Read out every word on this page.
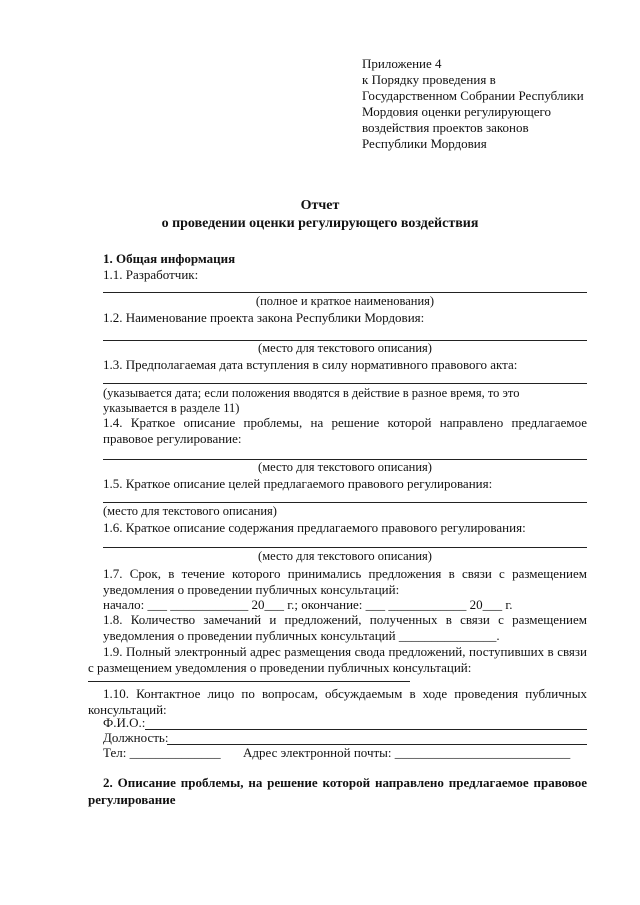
Приложение 4
к Порядку проведения в
Государственном Собрании Республики
Мордовия оценки регулирующего
воздействия проектов законов
Республики Мордовия
Отчет
о проведении оценки регулирующего воздействия
1. Общая информация
1.1. Разработчик:
(полное и краткое наименования)
1.2. Наименование проекта закона Республики Мордовия:
(место для текстового описания)
1.3. Предполагаемая дата вступления в силу нормативного правового акта:
(указывается дата; если положения вводятся в действие в разное время, то это
указывается в разделе 11)
1.4. Краткое описание проблемы, на решение которой направлено предлагаемое правовое регулирование:
(место для текстового описания)
1.5. Краткое описание целей предлагаемого правового регулирования:
(место для текстового описания)
1.6. Краткое описание содержания предлагаемого правового регулирования:
(место для текстового описания)
1.7. Срок, в течение которого принимались предложения в связи с размещением уведомления о проведении публичных консультаций:
начало: ___ ____________ 20___ г.; окончание: ___ ____________ 20___ г.
1.8. Количество замечаний и предложений, полученных в связи с размещением уведомления о проведении публичных консультаций _______________.
1.9. Полный электронный адрес размещения свода предложений, поступивших в связи с размещением уведомления о проведении публичных консультаций:
1.10. Контактное лицо по вопросам, обсуждаемым в ходе проведения публичных консультаций:
Ф.И.О.:
Должность:
Тел: ______________ Адрес электронной почты: ___________________________
2. Описание проблемы, на решение которой направлено предлагаемое правовое регулирование
